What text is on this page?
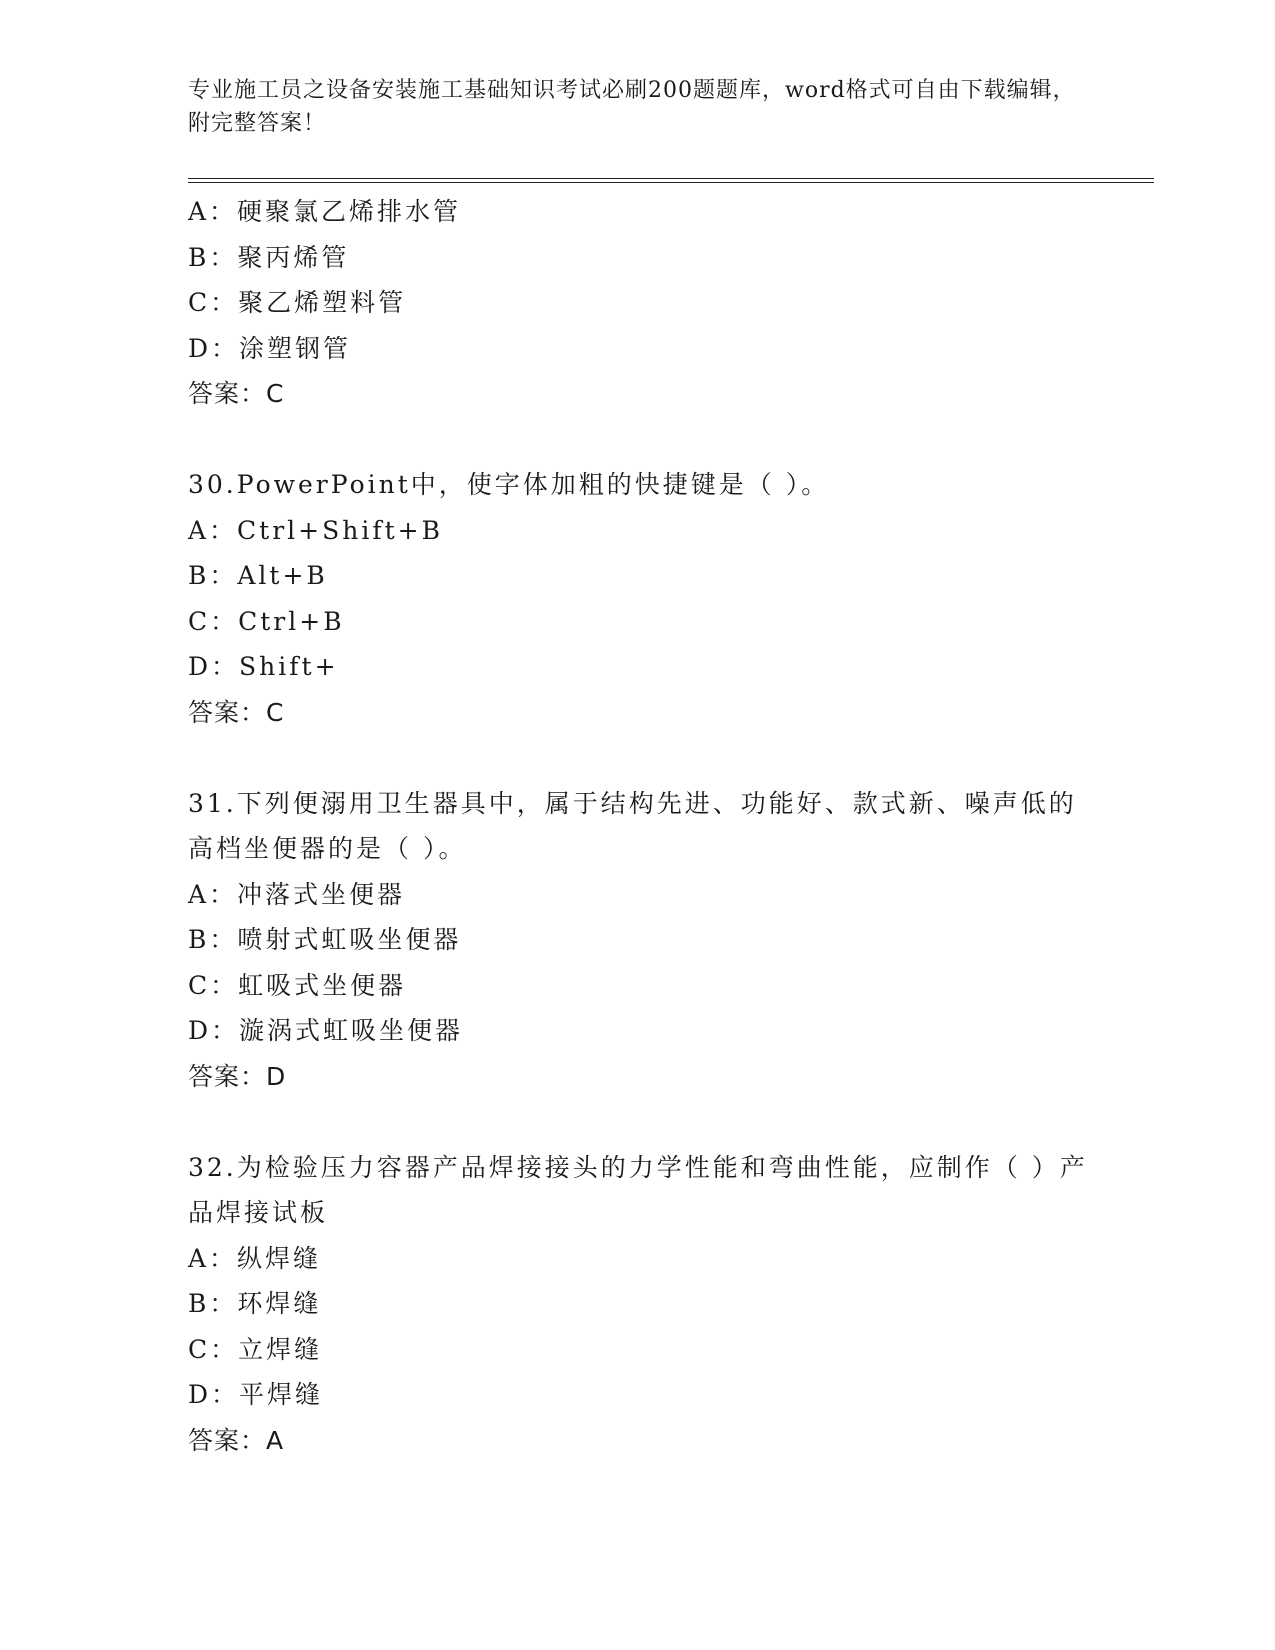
专业施工员之设备安装施工基础知识考试必刷200题题库，word格式可自由下载编辑，附完整答案！
A：硬聚氯乙烯排水管
B：聚丙烯管
C：聚乙烯塑料管
D：涂塑钢管
答案：C
30.PowerPoint中，使字体加粗的快捷键是（ ）。
A：Ctrl+Shift+B
B：Alt+B
C：Ctrl+B
D：Shift+
答案：C
31.下列便溺用卫生器具中，属于结构先进、功能好、款式新、噪声低的高档坐便器的是（ ）。
A：冲落式坐便器
B：喷射式虹吸坐便器
C：虹吸式坐便器
D：漩涡式虹吸坐便器
答案：D
32.为检验压力容器产品焊接接头的力学性能和弯曲性能，应制作（ ）产品焊接试板
A：纵焊缝
B：环焊缝
C：立焊缝
D：平焊缝
答案：A
